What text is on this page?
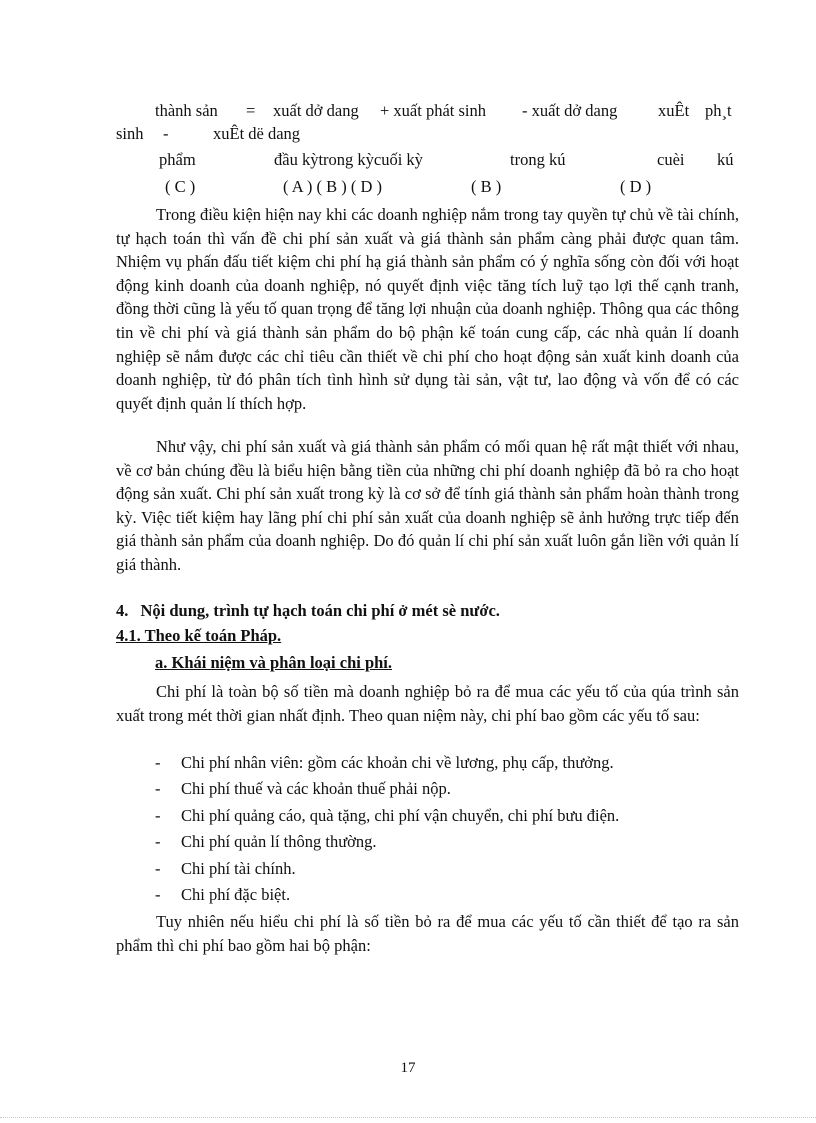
thành sản = xuất dở dang + xuất phát sinh - xuất dở dang xuÊt ph¸t
sinh -	xuÊt dë dang
phẩm	đầu kỳtrong kỳcuối kỳ	trong kú	cuèi kú
( C )	( A ) ( B ) ( D )	( B )	( D )

Trong điều kiện hiện nay khi các doanh nghiệp nắm trong tay quyền tự chủ về tài chính, tự hạch toán thì vấn đề chi phí sản xuất và giá thành sản phẩm càng phải được quan tâm. Nhiệm vụ phấn đấu tiết kiệm chi phí hạ giá thành sản phẩm có ý nghĩa sống còn đối với hoạt động kinh doanh của doanh nghiệp, nó quyết định việc tăng tích luỹ tạo lợi thế cạnh tranh, đồng thời cũng là yếu tố quan trọng để tăng lợi nhuận của doanh nghiệp. Thông qua các thông tin về chi phí và giá thành sản phẩm do bộ phận kế toán cung cấp, các nhà quản lí doanh nghiệp sẽ nắm được các chỉ tiêu cần thiết về chi phí cho hoạt động sản xuất kinh doanh của doanh nghiệp, từ đó phân tích tình hình sử dụng tài sản, vật tư, lao động và vốn để có các quyết định quản lí thích hợp.

Như vậy, chi phí sản xuất và giá thành sản phẩm có mối quan hệ rất mật thiết với nhau, về cơ bản chúng đều là biểu hiện bằng tiền của những chi phí doanh nghiệp đã bỏ ra cho hoạt động sản xuất. Chi phí sản xuất trong kỳ là cơ sở để tính giá thành sản phẩm hoàn thành trong kỳ. Việc tiết kiệm hay lãng phí chi phí sản xuất của doanh nghiệp sẽ ảnh hưởng trực tiếp đến giá thành sản phẩm của doanh nghiệp. Do đó quản lí chi phí sản xuất luôn gắn liền với quản lí giá thành.

4. Nội dung, trình tự hạch toán chi phí ở mét sè nước.
4.1. Theo kế toán Pháp.
a. Khái niệm và phân loại chi phí.

Chi phí là toàn bộ số tiền mà doanh nghiệp bỏ ra để mua các yếu tố của qúa trình sản xuất trong mét thời gian nhất định. Theo quan niệm này, chi phí bao gồm các yếu tố sau:

- Chi phí nhân viên: gồm các khoản chi về lương, phụ cấp, thưởng.
- Chi phí thuế và các khoản thuế phải nộp.
- Chi phí quảng cáo, quà tặng, chi phí vận chuyển, chi phí bưu điện.
- Chi phí quản lí thông thường.
- Chi phí tài chính.
- Chi phí đặc biệt.

Tuy nhiên nếu hiểu chi phí là số tiền bỏ ra để mua các yếu tố cần thiết để tạo ra sản phẩm thì chi phí bao gồm hai bộ phận:

17
